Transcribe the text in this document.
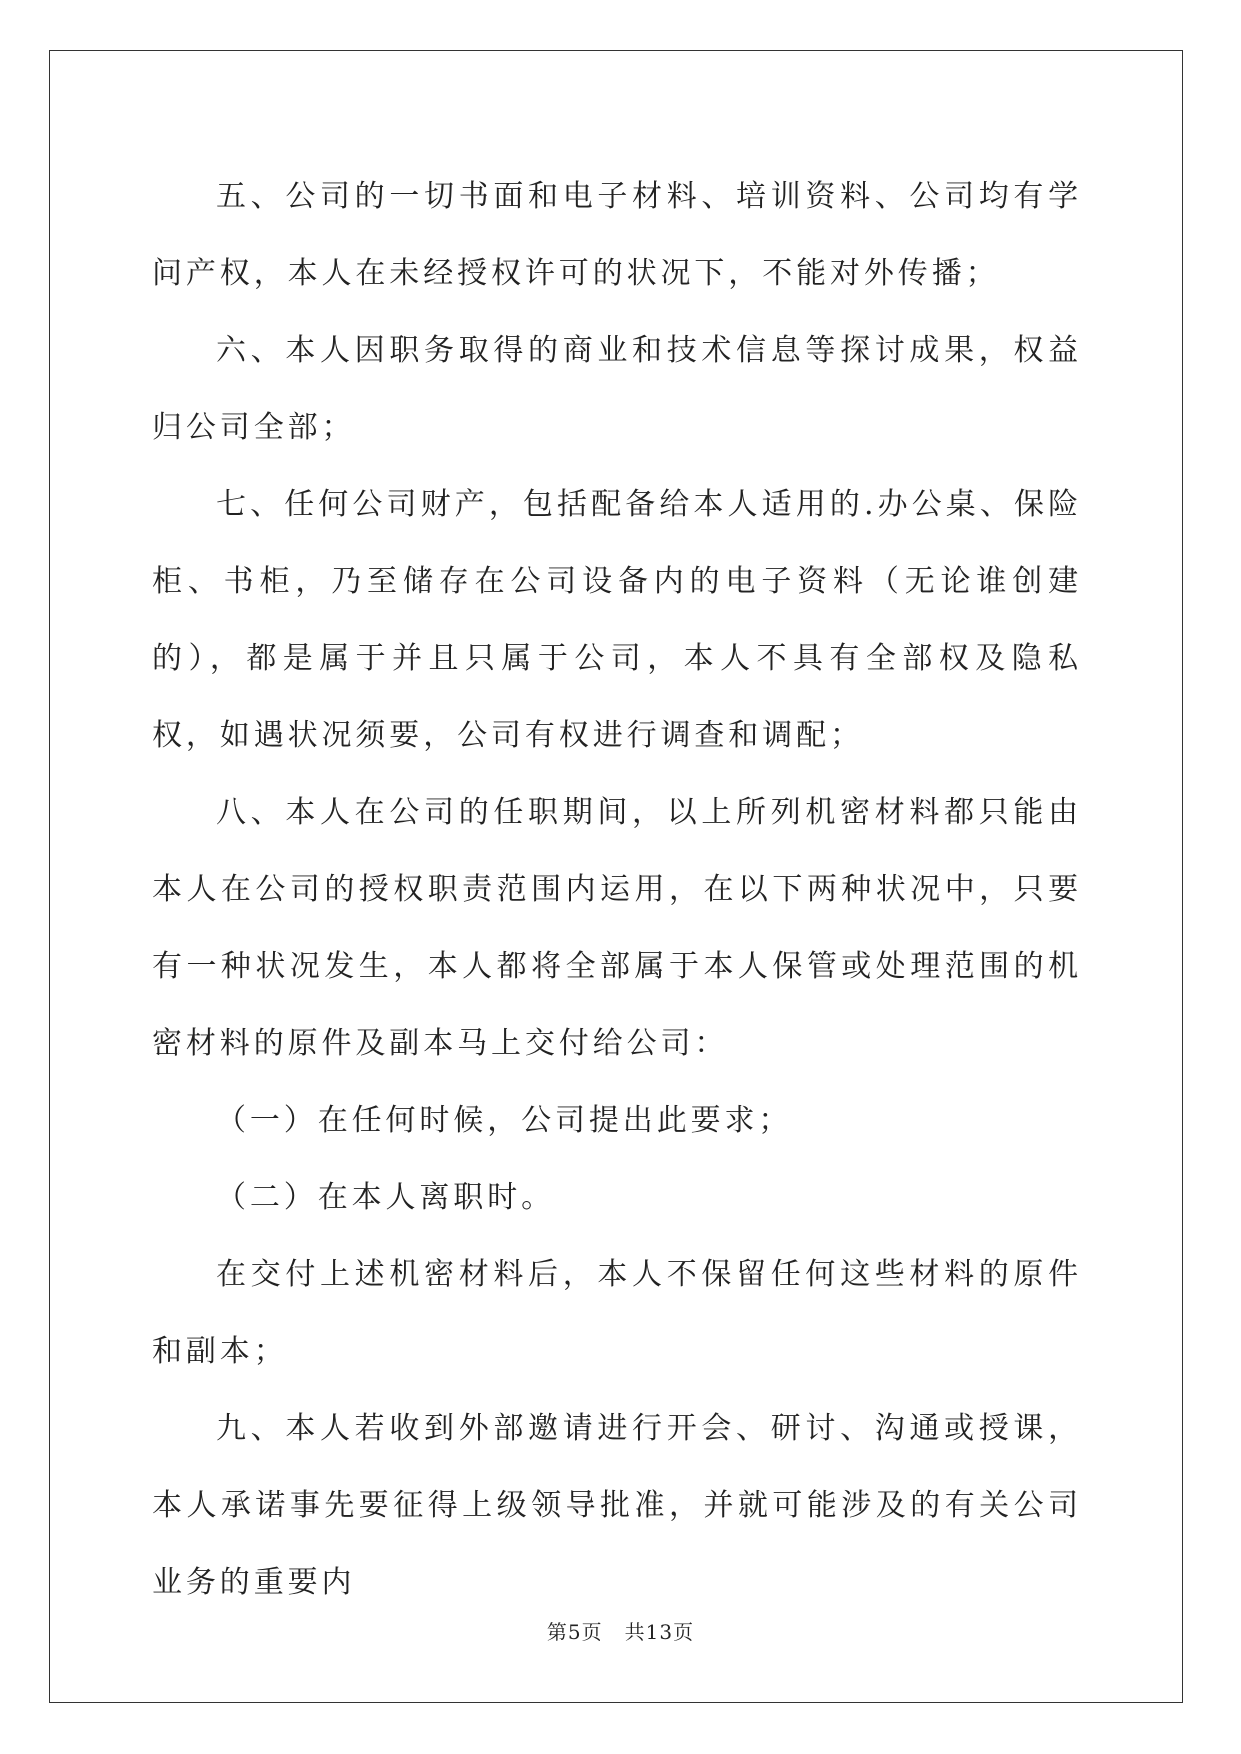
五、公司的一切书面和电子材料、培训资料、公司均有学问产权，本人在未经授权许可的状况下，不能对外传播；

六、本人因职务取得的商业和技术信息等探讨成果，权益归公司全部；

七、任何公司财产，包括配备给本人适用的.办公桌、保险柜、书柜，乃至储存在公司设备内的电子资料（无论谁创建的），都是属于并且只属于公司，本人不具有全部权及隐私权，如遇状况须要，公司有权进行调查和调配；

八、本人在公司的任职期间，以上所列机密材料都只能由本人在公司的授权职责范围内运用，在以下两种状况中，只要有一种状况发生，本人都将全部属于本人保管或处理范围的机密材料的原件及副本马上交付给公司：

（一）在任何时候，公司提出此要求；

（二）在本人离职时。

在交付上述机密材料后，本人不保留任何这些材料的原件和副本；

九、本人若收到外部邀请进行开会、研讨、沟通或授课，本人承诺事先要征得上级领导批准，并就可能涉及的有关公司业务的重要内

第5页 共13页
